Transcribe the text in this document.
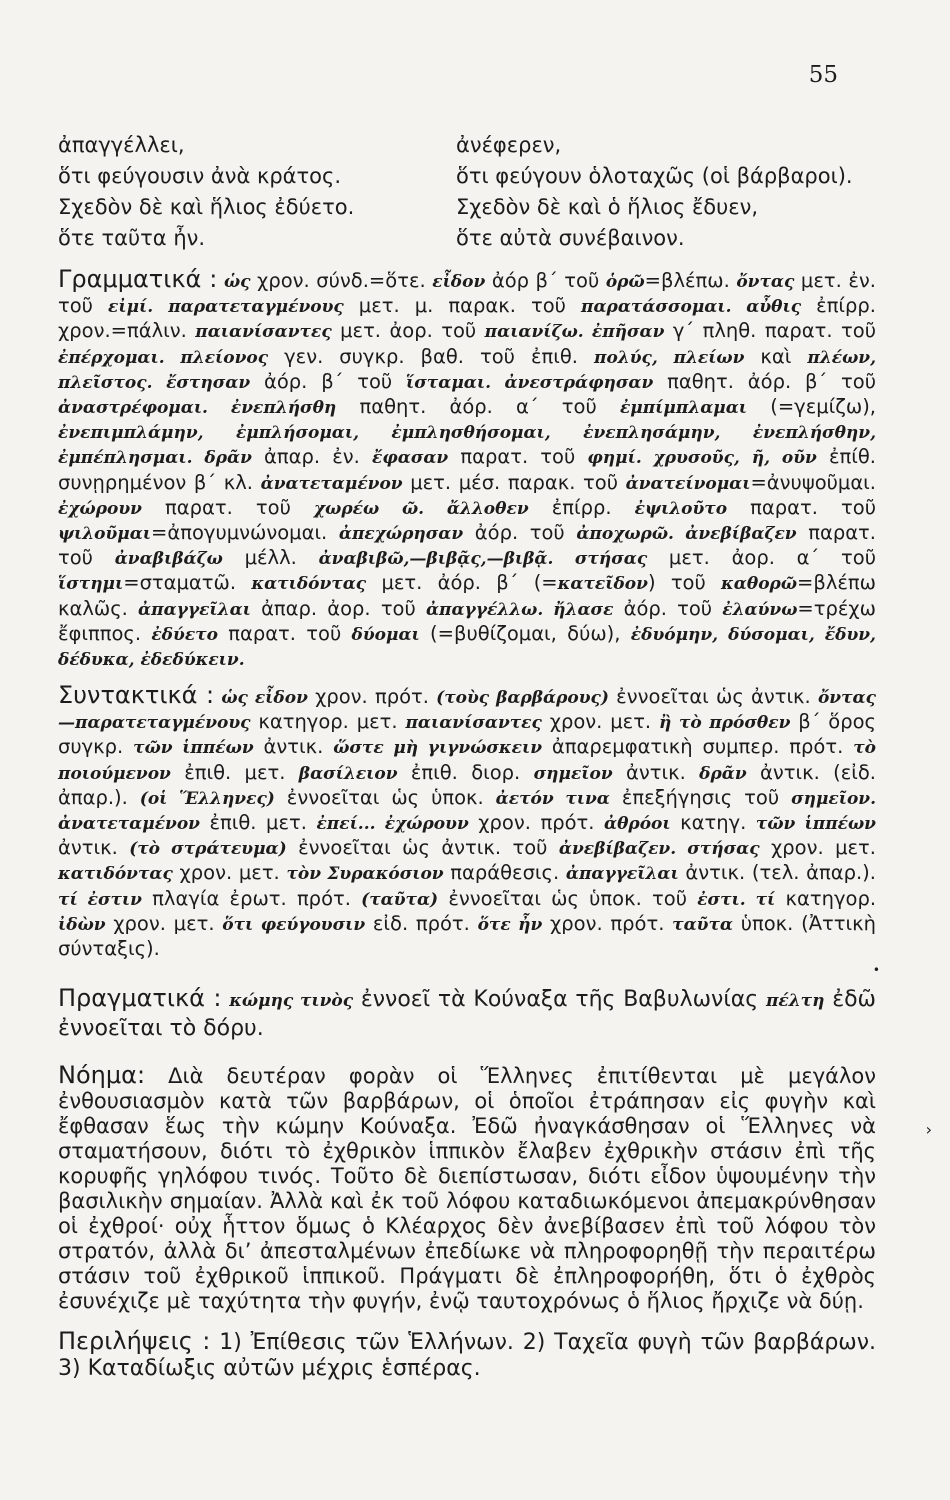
55
ἀπαγγέλλει,
ὅτι φεύγουσιν ἀνὰ κράτος.
Σχεδὸν δὲ καὶ ἥλιος ἐδύετο.
ὅτε ταῦτα ἦν.
ἀνέφερεν,
ὅτι φεύγουν ὁλοταχῶς (οἱ βάρβαροι).
Σχεδὸν δὲ καὶ ὁ ἥλιος ἔδυεν,
ὅτε αὐτὰ συνέβαινον.
Γραμματικά : ὡς χρον. σύνδ.=ὅτε. εἶδον ἀόρ β΄ τοῦ ὁρῶ=βλέπω. ὄντας μετ. ἐν. τοῦ εἰμί. παρατεταγμένους μετ. μ. παρακ. τοῦ παρατάσσομαι. αὖθις ἐπίρρ. χρον.=πάλιν. παιανίσαντες μετ. ἀορ. τοῦ παιανίζω. ἐπῆσαν γ΄ πληθ. παρατ. τοῦ ἐπέρχομαι. πλείονος γεν. συγκρ. βαθ. τοῦ ἐπιθ. πολύς, πλείων καὶ πλέων, πλεῖστος. ἔστησαν ἀόρ. β΄ τοῦ ἵσταμαι. ἀνεστράφησαν παθητ. ἀόρ. β΄ τοῦ ἀναστρέφομαι. ἐνεπλήσθη παθητ. ἀόρ. α΄ τοῦ ἐμπίμπλαμαι (=γεμίζω), ἐνεπιμπλάμην, ἐμπλήσομαι, ἐμπλησθήσομαι, ἐνεπλησάμην, ἐνεπλήσθην, ἐμπέπλησμαι. δρᾶν ἀπαρ. ἐν. ἔφασαν παρατ. τοῦ φημί. χρυσοῦς, ῆ, οῦν ἐπίθ. συνῃρημένον β΄ κλ. ἀνατεταμένον μετ. μέσ. παρακ. τοῦ ἀνατείνομαι=ἀνυψοῦμαι. ἐχώρουν παρατ. τοῦ χωρέω ῶ. ἄλλοθεν ἐπίρρ. ἐψιλοῦτο παρατ. τοῦ ψιλοῦμαι=ἀπογυμνώνομαι. ἀπεχώρησαν ἀόρ. τοῦ ἀποχωρῶ. ἀνεβίβαζεν παρατ. τοῦ ἀναβιβάζω μέλλ. ἀναβιβῶ,—βιβᾷς,—βιβᾷ. στήσας μετ. ἀορ. α΄ τοῦ ἵστημι=σταματῶ. κατιδόντας μετ. ἀόρ. β΄ (=κατεῖδον) τοῦ καθορῶ=βλέπω καλῶς. ἀπαγγεῖλαι ἀπαρ. ἀορ. τοῦ ἀπαγγέλλω. ἤλασε ἀόρ. τοῦ ἐλαύνω=τρέχω ἔφιππος. ἐδύετο παρατ. τοῦ δύομαι (=βυθίζομαι, δύω), ἐδυόμην, δύσομαι, ἔδυν, δέδυκα, ἐδεδύκειν.
Συντακτικά : ὡς εἶδον χρον. πρότ. (τοὺς βαρβάρους) ἐννοεῖται ὡς ἀντικ. ὄντας—παρατεταγμένους κατηγορ. μετ. παιανίσαντες χρον. μετ. ἢ τὸ πρόσθεν β΄ ὅρος συγκρ. τῶν ἱππέων ἀντικ. ὥστε μὴ γιγνώσκειν ἀπαρεμφατικὴ συμπερ. πρότ. τὸ ποιούμενον ἐπιθ. μετ. βασίλειον ἐπιθ. διορ. σημεῖον ἀντικ. δρᾶν ἀντικ. (εἰδ. ἀπαρ.). (οἱ Ἕλληνες) ἐννοεῖται ὡς ὑποκ. ἀετόν τινα ἐπεξήγησις τοῦ σημεῖον. ἀνατεταμένον ἐπιθ. μετ. ἐπεί... ἐχώρουν χρον. πρότ. ἀθρόοι κατηγ. τῶν ἱππέων ἀντικ. (τὸ στράτευμα) ἐννοεῖται ὡς ἀντικ. τοῦ ἀνεβίβαζεν. στήσας χρον. μετ. κατιδόντας χρον. μετ. τὸν Συρακόσιον παράθεσις. ἀπαγγεῖλαι ἀντικ. (τελ. ἀπαρ.). τί ἐστιν πλαγία ἐρωτ. πρότ. (ταῦτα) ἐννοεῖται ὡς ὑποκ. τοῦ ἐστι. τί κατηγορ. ἰδὼν χρον. μετ. ὅτι φεύγουσιν εἰδ. πρότ. ὅτε ἦν χρον. πρότ. ταῦτα ὑποκ. (Ἀττικὴ σύνταξις).
•
Πραγματικά : κώμης τινὸς ἐννοεῖ τὰ Κούναξα τῆς Βαβυλωνίας πέλτη ἐδῶ ἐννοεῖται τὸ δόρυ.
Νόημα: Διὰ δευτέραν φορὰν οἱ Ἕλληνες ἐπιτίθενται μὲ μεγάλον ἐνθουσιασμὸν κατὰ τῶν βαρβάρων, οἱ ὁποῖοι ἐτράπησαν εἰς φυγὴν καὶ ἔφθασαν ἕως τὴν κώμην Κούναξα. Ἐδῶ ἠναγκάσθησαν οἱ Ἕλληνες νὰ σταματήσουν, διότι τὸ ἐχθρικὸν ἱππικὸν ἔλαβεν ἐχθρικὴν στάσιν ἐπὶ τῆς κορυφῆς γηλόφου τινός. Τοῦτο δὲ διεπίστωσαν, διότι εἶδον ὑψουμένην τὴν βασιλικὴν σημαίαν. Ἀλλὰ καὶ ἐκ τοῦ λόφου καταδιωκόμενοι ἀπεμακρύνθησαν οἱ ἐχθροί· οὐχ ἧττον ὅμως ὁ Κλέαρχος δὲν ἀνεβίβασεν ἐπὶ τοῦ λόφου τὸν στρατόν, ἀλλὰ δι’ ἀπεσταλμένων ἐπεδίωκε νὰ πληροφορηθῇ τὴν περαιτέρω στάσιν τοῦ ἐχθρικοῦ ἱππικοῦ. Πράγματι δὲ ἐπληροφορήθη, ὅτι ὁ ἐχθρὸς ἐσυνέχιζε μὲ ταχύτητα τὴν φυγήν, ἐνῷ ταυτοχρόνως ὁ ἥλιος ἤρχιζε νὰ δύῃ.
›
Περιλήψεις : 1) Ἐπίθεσις τῶν Ἑλλήνων. 2) Ταχεῖα φυγὴ τῶν βαρβάρων. 3) Καταδίωξις αὐτῶν μέχρις ἑσπέρας.
